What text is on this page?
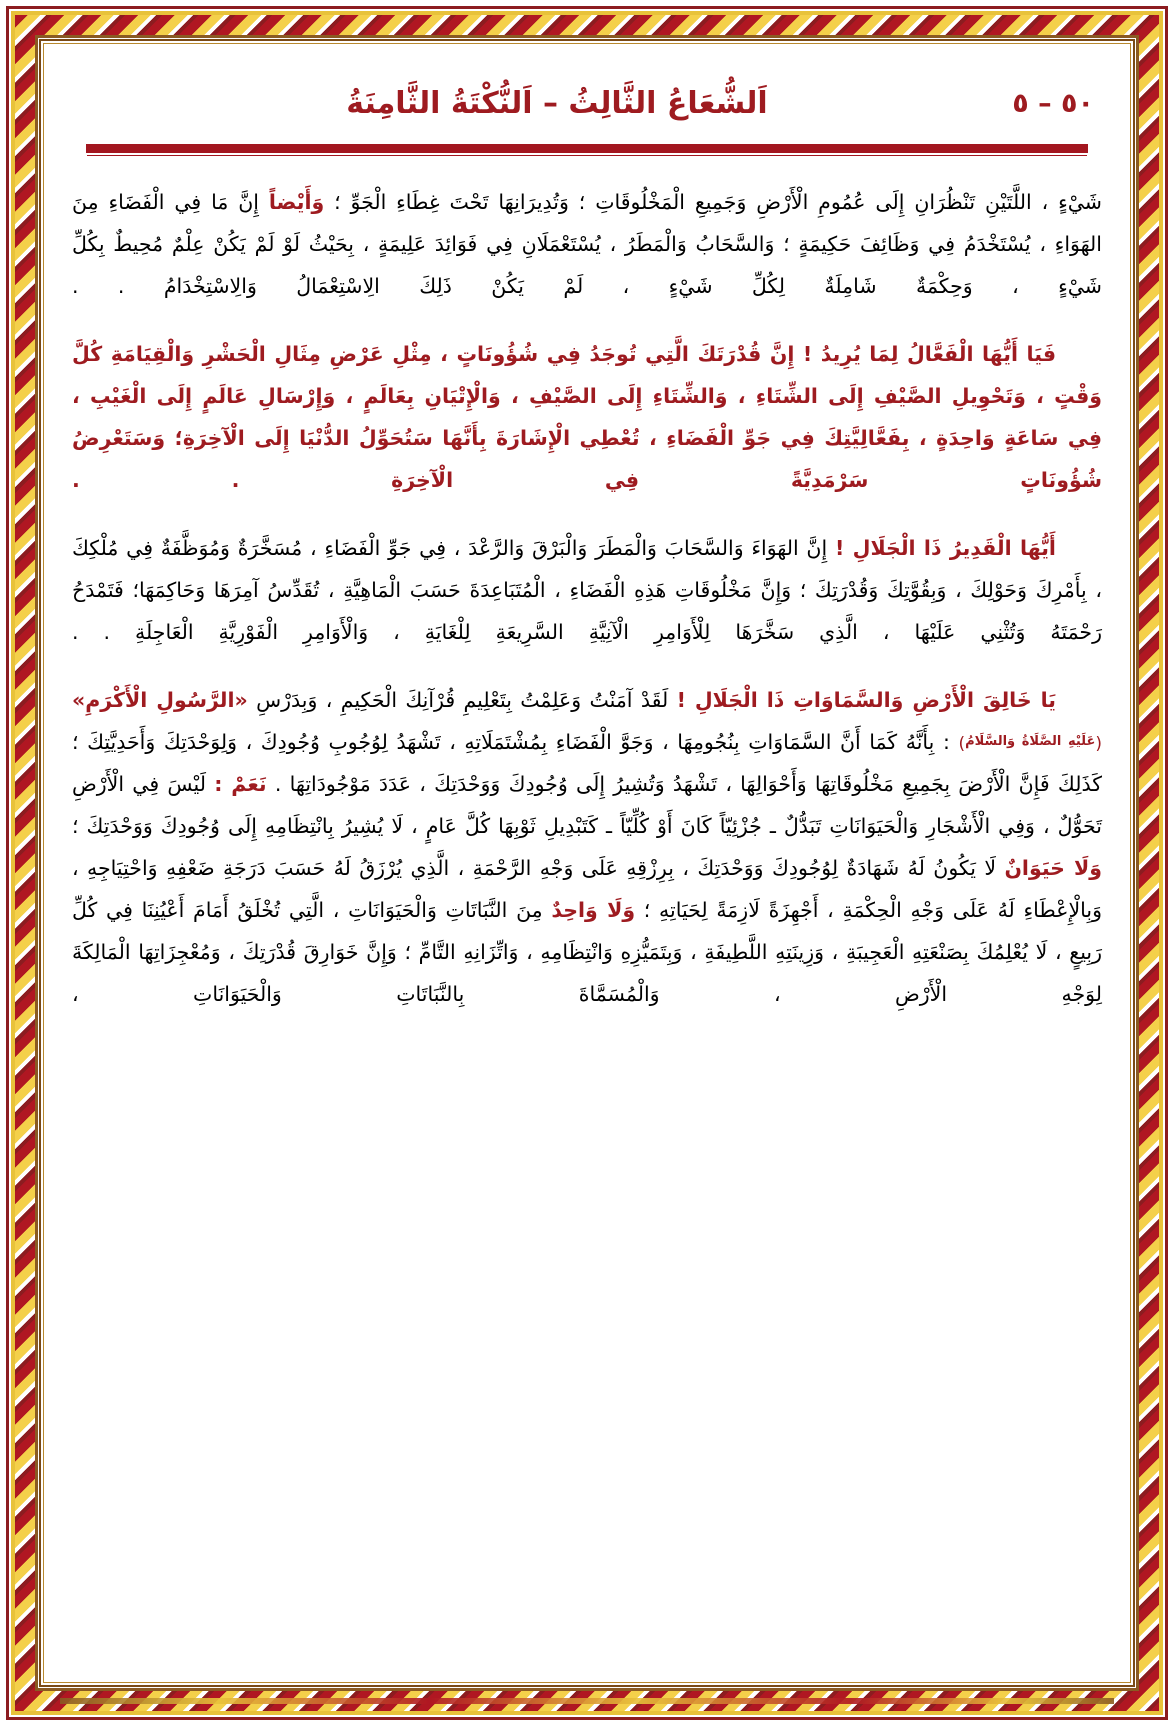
٥٠ – ٥
اَلشُّعَاعُ الثَّالِثُ – اَلنُّكْتَةُ الثَّامِنَةُ

شَيْءٍ ، اللَّتَيْنِ تَنْظُرَانِ إِلَى عُمُومِ الْأَرْضِ وَجَمِيعِ الْمَخْلُوقَاتِ ؛ وَتُدِيرَانِهَا تَحْتَ غِطَاءِ الْجَوِّ ؛ وَأَيْضاً إِنَّ مَا فِي الْفَضَاءِ مِنَ الهَوَاءِ ، يُسْتَخْدَمُ فِي وَظَائِفَ حَكِيمَةٍ ؛ وَالسَّحَابُ وَالْمَطَرُ ، يُسْتَعْمَلَانِ فِي فَوَائِدَ عَلِيمَةٍ ، بِحَيْثُ لَوْ لَمْ يَكُنْ عِلْمٌ مُحِيطٌ بِكُلِّ شَيْءٍ ، وَحِكْمَةٌ شَامِلَةٌ لِكُلِّ شَيْءٍ ، لَمْ يَكُنْ ذَلِكَ الِاسْتِعْمَالُ وَالِاسْتِخْدَامُ . .

فَيَا أَيُّهَا الْفَعَّالُ لِمَا يُرِيدُ ! إِنَّ قُدْرَتَكَ الَّتِي تُوجَدُ فِي شُؤُونَاتٍ ، مِثْلِ عَرْضِ مِثَالِ الْحَشْرِ وَالْقِيَامَةِ كُلَّ وَقْتٍ ، وَتَحْوِيلِ الصَّيْفِ إِلَى الشِّتَاءِ ، وَالشِّتَاءِ إِلَى الصَّيْفِ ، وَالْإِتْيَانِ بِعَالَمٍ ، وَإِرْسَالِ عَالَمٍ إِلَى الْغَيْبِ ، فِي سَاعَةٍ وَاحِدَةٍ ، بِفَعَّالِيَّتِكَ فِي جَوِّ الْفَضَاءِ ، تُعْطِي الْإِشَارَةَ بِأَنَّهَا سَتُحَوِّلُ الدُّنْيَا إِلَى الْآخِرَةِ؛ وَسَتَعْرِضُ شُؤُونَاتٍ سَرْمَدِيَّةً فِي الْآخِرَةِ . .

أَيُّهَا الْقَدِيرُ ذَا الْجَلَالِ ! إِنَّ الهَوَاءَ وَالسَّحَابَ وَالْمَطَرَ وَالْبَرْقَ وَالرَّعْدَ ، فِي جَوِّ الْفَضَاءِ ، مُسَخَّرَةٌ وَمُوَظَّفَةٌ فِي مُلْكِكَ ، بِأَمْرِكَ وَحَوْلِكَ ، وَبِقُوَّتِكَ وَقُدْرَتِكَ ؛ وَإِنَّ مَخْلُوقَاتِ هَذِهِ الْفَضَاءِ ، الْمُتَبَاعِدَةَ حَسَبَ الْمَاهِيَّةِ ، تُقَدِّسُ آمِرَهَا وَحَاكِمَهَا؛ فَتَمْدَحُ رَحْمَتَهُ وَتُثْنِي عَلَيْهَا ، الَّذِي سَخَّرَهَا لِلْأَوَامِرِ الْآنِيَّةِ السَّرِيعَةِ لِلْغَايَةِ ، وَالْأَوَامِرِ الْفَوْرِيَّةِ الْعَاجِلَةِ . .

يَا خَالِقَ الْأَرْضِ وَالسَّمَاوَاتِ ذَا الْجَلَالِ ! لَقَدْ آمَنْتُ وَعَلِمْتُ بِتَعْلِيمِ قُرْآنِكَ الْحَكِيمِ ، وَبِدَرْسِ «الرَّسُولِ الْأَكْرَمِ» (عَلَيْهِ الصَّلَاةُ وَالسَّلَامُ) : بِأَنَّهُ كَمَا أَنَّ السَّمَاوَاتِ بِنُجُومِهَا ، وَجَوَّ الْفَضَاءِ بِمُشْتَمَلَاتِهِ ، تَشْهَدُ لِوُجُوبِ وُجُودِكَ ، وَلِوَحْدَتِكَ وَأَحَدِيَّتِكَ ؛ كَذَلِكَ فَإِنَّ الْأَرْضَ بِجَمِيعِ مَخْلُوقَاتِهَا وَأَحْوَالِهَا ، تَشْهَدُ وَتُشِيرُ إِلَى وُجُودِكَ وَوَحْدَتِكَ ، عَدَدَ مَوْجُودَاتِهَا . نَعَمْ : لَيْسَ فِي الْأَرْضِ تَحَوُّلٌ ، وَفِي الْأَشْجَارِ وَالْحَيَوَانَاتِ تَبَدُّلٌ ـ جُزْئِيّاً كَانَ أَوْ كُلِّيّاً ـ كَتَبْدِيلِ ثَوْبِهَا كُلَّ عَامٍ ، لَا يُشِيرُ بِانْتِظَامِهِ إِلَى وُجُودِكَ وَوَحْدَتِكَ ؛ وَلَا حَيَوَانٌ لَا يَكُونُ لَهُ شَهَادَةٌ لِوُجُودِكَ وَوَحْدَتِكَ ، بِرِزْقِهِ عَلَى وَجْهِ الرَّحْمَةِ ، الَّذِي يُرْزَقُ لَهُ حَسَبَ دَرَجَةِ ضَعْفِهِ وَاحْتِيَاجِهِ ، وَبِالْإِعْطَاءِ لَهُ عَلَى وَجْهِ الْحِكْمَةِ ، أَجْهِزَةً لَازِمَةً لِحَيَاتِهِ ؛ وَلَا وَاحِدٌ مِنَ النَّبَاتَاتِ وَالْحَيَوَانَاتِ ، الَّتِي تُخْلَقُ أَمَامَ أَعْيُنِنَا فِي كُلِّ رَبِيعٍ ، لَا يُعْلِمُكَ بِصَنْعَتِهِ الْعَجِيبَةِ ، وَزِينَتِهِ اللَّطِيفَةِ ، وَبِتَمَيُّزِهِ وَانْتِظَامِهِ ، وَاتِّزَانِهِ التَّامِّ ؛ وَإِنَّ خَوَارِقَ قُدْرَتِكَ ، وَمُعْجِزَاتِهَا الْمَالِكَةَ لِوَجْهِ الْأَرْضِ ، وَالْمُسَمَّاةَ بِالنَّبَاتَاتِ وَالْحَيَوَانَاتِ ،
